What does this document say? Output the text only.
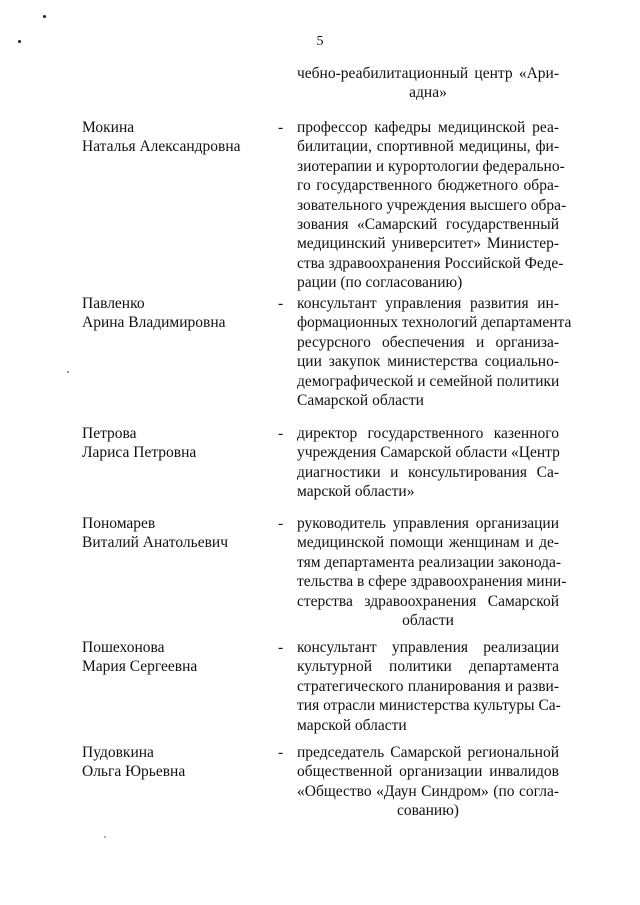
5
чебно-реабилитационный центр «Ари-
адна»
Мокина
Наталья Александровна
- профессор кафедры медицинской реа-
билитации, спортивной медицины, фи-
зиотерапии и курортологии федерально-
го государственного бюджетного обра-
зовательного учреждения высшего обра-
зования «Самарский государственный
медицинский университет» Министер-
ства здравоохранения Российской Феде-
рации (по согласованию)
Павленко
Арина Владимировна
- консультант управления развития ин-
формационных технологий департамента
ресурсного обеспечения и организа-
ции закупок министерства социально-
демографической и семейной политики
Самарской области
Петрова
Лариса Петровна
- директор государственного казенного
учреждения Самарской области «Центр
диагностики и консультирования Са-
марской области»
Пономарев
Виталий Анатольевич
- руководитель управления организации
медицинской помощи женщинам и де-
тям департамента реализации законода-
тельства в сфере здравоохранения мини-
стерства здравоохранения Самарской
области
Пошехонова
Мария Сергеевна
- консультант управления реализации
культурной политики департамента
стратегического планирования и разви-
тия отрасли министерства культуры Са-
марской области
Пудовкина
Ольга Юрьевна
- председатель Самарской региональной
общественной организации инвалидов
«Общество «Даун Синдром» (по согла-
сованию)
